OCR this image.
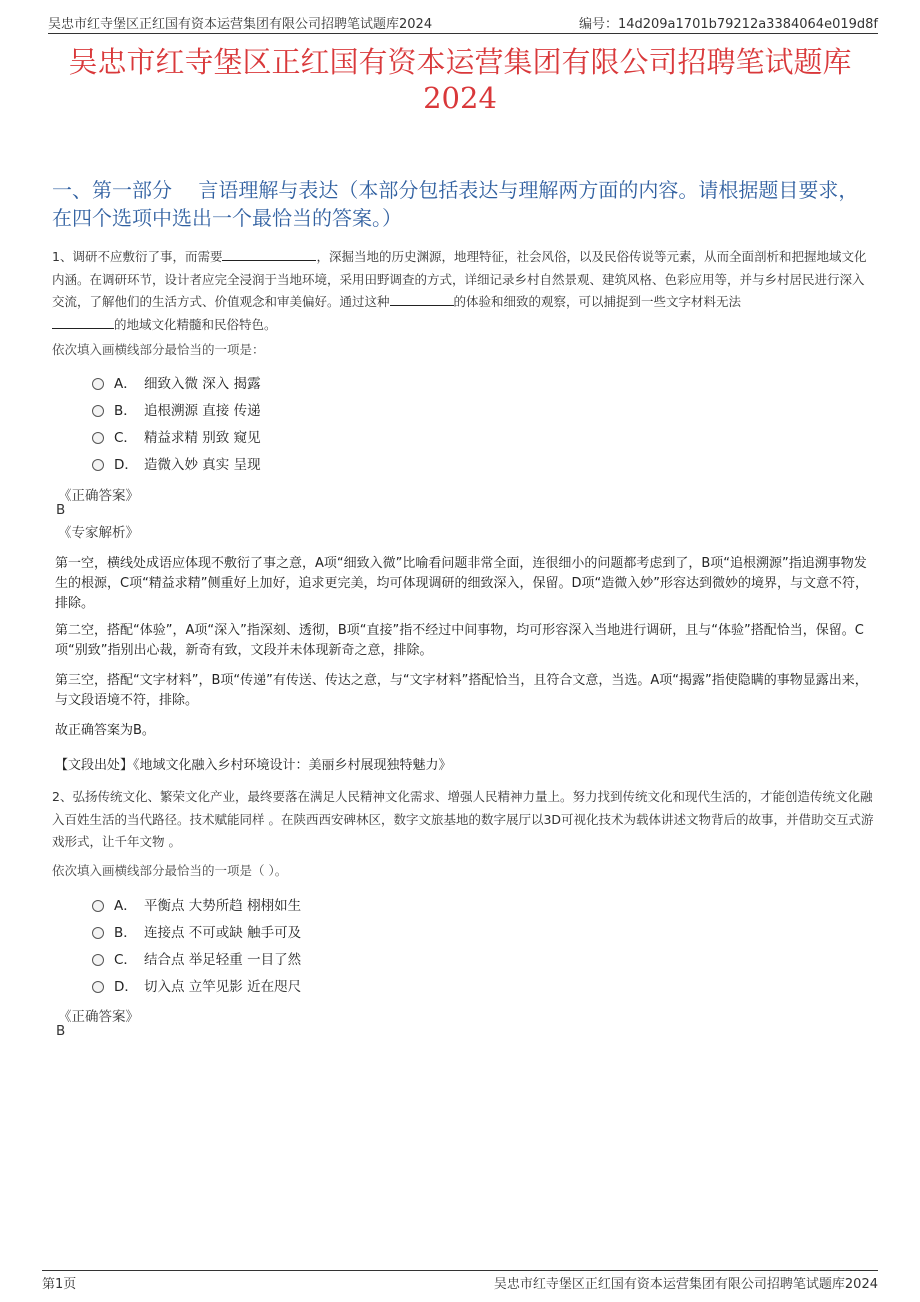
吴忠市红寺堡区正红国有资本运营集团有限公司招聘笔试题库2024	编号：14d209a1701b79212a3384064e019d8f
吴忠市红寺堡区正红国有资本运营集团有限公司招聘笔试题库
2024
一、第一部分　 言语理解与表达（本部分包括表达与理解两方面的内容。请根据题目要求，在四个选项中选出一个最恰当的答案。）
1、调研不应敷衍了事，而需要	，深掘当地的历史渊源，地理特征，社会风俗，以及民俗传说等元素，从而全面剖析和把握地域文化内涵。在调研环节，设计者应完全浸润于当地环境，采用田野调查的方式，详细记录乡村自然景观、建筑风格、色彩应用等，并与乡村居民进行深入交流，了解他们的生活方式、价值观念和审美偏好。通过这种	的体验和细致的观察，可以捕捉到一些文字材料无法
的地域文化精髓和民俗特色。
依次填入画横线部分最恰当的一项是：
A． 细致入微 深入 揭露
B． 追根溯源 直接 传递
C． 精益求精 别致 窥见
D． 造微入妙 真实 呈现
《正确答案》
B
《专家解析》
第一空，横线处成语应体现不敷衍了事之意，A项“细致入微”比喻看问题非常全面，连很细小的问题都考虑到了，B项“追根溯源”指追溯事物发生的根源，C项“精益求精”侧重好上加好，追求更完美，均可体现调研的细致深入，保留。D项“造微入妙”形容达到微妙的境界，与文意不符，排除。
第二空，搭配“体验”，A项“深入”指深刻、透彻，B项“直接”指不经过中间事物，均可形容深入当地进行调研，且与“体验”搭配恰当，保留。C项“别致”指别出心裁，新奇有致，文段并未体现新奇之意，排除。
第三空，搭配“文字材料”，B项“传递”有传送、传达之意，与“文字材料”搭配恰当，且符合文意，当选。A项“揭露”指使隐瞒的事物显露出来，与文段语境不符，排除。
故正确答案为B。
【文段出处】《地域文化融入乡村环境设计：美丽乡村展现独特魅力》
2、弘扬传统文化、繁荣文化产业，最终要落在满足人民精神文化需求、增强人民精神力量上。努力找到传统文化和现代生活的，才能创造传统文化融入百姓生活的当代路径。技术赋能同样 。在陕西西安碑林区，数字文旅基地的数字展厅以3D可视化技术为载体讲述文物背后的故事，并借助交互式游戏形式，让千年文物 。
依次填入画横线部分最恰当的一项是（ ）。
A． 平衡点 大势所趋 栩栩如生
B． 连接点 不可或缺 触手可及
C． 结合点 举足轻重 一目了然
D． 切入点 立竿见影 近在咫尺
《正确答案》
B
第1页	吴忠市红寺堡区正红国有资本运营集团有限公司招聘笔试题库2024
